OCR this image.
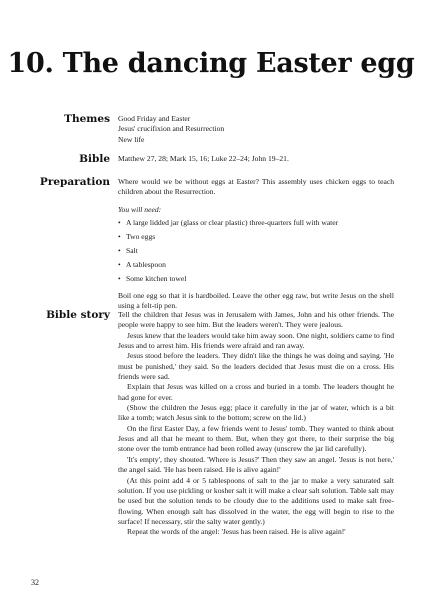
10. The dancing Easter egg
Themes Good Friday and Easter
Jesus' crucifixion and Resurrection
New life
Bible Matthew 27, 28; Mark 15, 16; Luke 22–24; John 19–21.
Preparation Where would we be without eggs at Easter? This assembly uses chicken eggs to teach children about the Resurrection.

You will need:

• A large lidded jar (glass or clear plastic) three-quarters full with water
• Two eggs
• Salt
• A tablespoon
• Some kitchen towel

Boil one egg so that it is hardboiled. Leave the other egg raw, but write Jesus on the shell using a felt-tip pen.

Bible story Tell the children that Jesus was in Jerusalem with James, John and his other friends. The people were happy to see him. But the leaders weren't. They were jealous.

Jesus knew that the leaders would take him away soon. One night, soldiers came to find Jesus and to arrest him. His friends were afraid and ran away.

Jesus stood before the leaders. They didn't like the things he was doing and saying. 'He must be punished,' they said. So the leaders decided that Jesus must die on a cross. His friends were sad.

Explain that Jesus was killed on a cross and buried in a tomb. The leaders thought he had gone for ever.

(Show the children the Jesus egg; place it carefully in the jar of water, which is a bit like a tomb; watch Jesus sink to the bottom; screw on the lid.)

On the first Easter Day, a few friends went to Jesus' tomb. They wanted to think about Jesus and all that he meant to them. But, when they got there, to their surprise the big stone over the tomb entrance had been rolled away (unscrew the jar lid carefully).

'It's empty', they shouted. 'Where is Jesus?' Then they saw an angel. 'Jesus is not here,' the angel said. 'He has been raised. He is alive again!'

(At this point add 4 or 5 tablespoons of salt to the jar to make a very saturated salt solution. If you use pickling or kosher salt it will make a clear salt solution. Table salt may be used but the solution tends to be cloudy due to the additions used to make salt free-flowing. When enough salt has dissolved in the water, the egg will begin to rise to the surface! If necessary, stir the salty water gently.)

Repeat the words of the angel: 'Jesus has been raised. He is alive again!'

32
